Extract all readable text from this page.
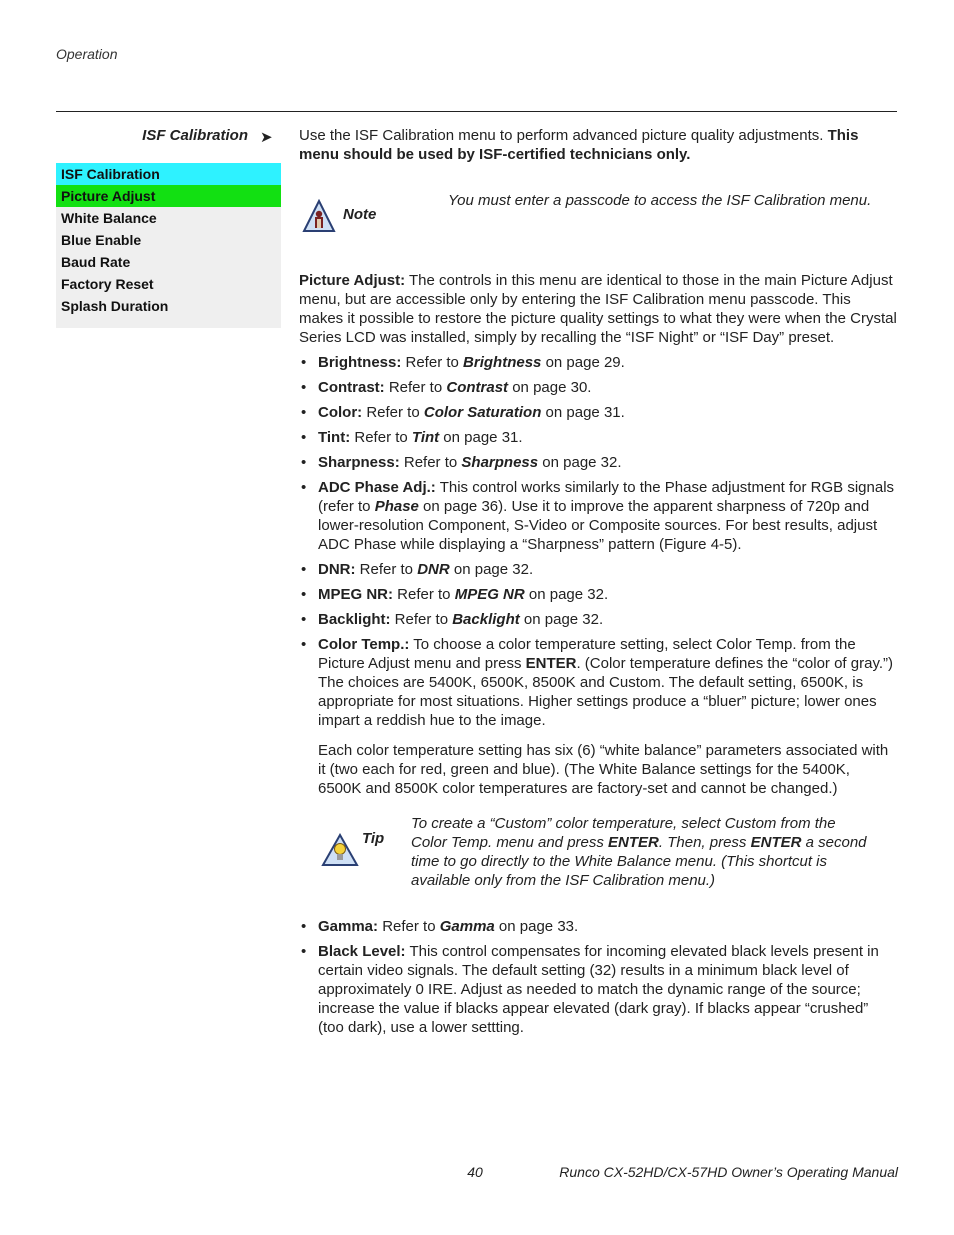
Operation
ISF Calibration ➤
ISF Calibration
Picture Adjust
White Balance
Blue Enable
Baud Rate
Factory Reset
Splash Duration
Use the ISF Calibration menu to perform advanced picture quality adjustments. This menu should be used by ISF-certified technicians only.
Note
You must enter a passcode to access the ISF Calibration menu.

Picture Adjust: The controls in this menu are identical to those in the main Picture Adjust menu, but are accessible only by entering the ISF Calibration menu passcode. This makes it possible to restore the picture quality settings to what they were when the Crystal Series LCD was installed, simply by recalling the “ISF Night” or “ISF Day” preset.

• Brightness: Refer to Brightness on page 29.
• Contrast: Refer to Contrast on page 30.
• Color: Refer to Color Saturation on page 31.
• Tint: Refer to Tint on page 31.
• Sharpness: Refer to Sharpness on page 32.
• ADC Phase Adj.: This control works similarly to the Phase adjustment for RGB signals (refer to Phase on page 36). Use it to improve the apparent sharpness of 720p and lower-resolution Component, S-Video or Composite sources. For best results, adjust ADC Phase while displaying a “Sharpness” pattern (Figure 4-5).
• DNR: Refer to DNR on page 32.
• MPEG NR: Refer to MPEG NR on page 32.
• Backlight: Refer to Backlight on page 32.
• Color Temp.: To choose a color temperature setting, select Color Temp. from the Picture Adjust menu and press ENTER. (Color temperature defines the “color of gray.”) The choices are 5400K, 6500K, 8500K and Custom. The default setting, 6500K, is appropriate for most situations. Higher settings produce a “bluer” picture; lower ones impart a reddish hue to the image.

Each color temperature setting has six (6) “white balance” parameters associated with it (two each for red, green and blue). (The White Balance settings for the 5400K, 6500K and 8500K color temperatures are factory-set and cannot be changed.)

Tip
To create a “Custom” color temperature, select Custom from the Color Temp. menu and press ENTER. Then, press ENTER a second time to go directly to the White Balance menu. (This shortcut is available only from the ISF Calibration menu.)
• Gamma: Refer to Gamma on page 33.
• Black Level: This control compensates for incoming elevated black levels present in certain video signals. The default setting (32) results in a minimum black level of approximately 0 IRE. Adjust as needed to match the dynamic range of the source; increase the value if blacks appear elevated (dark gray). If blacks appear “crushed” (too dark), use a lower settting.
40	Runco CX-52HD/CX-57HD Owner’s Operating Manual
